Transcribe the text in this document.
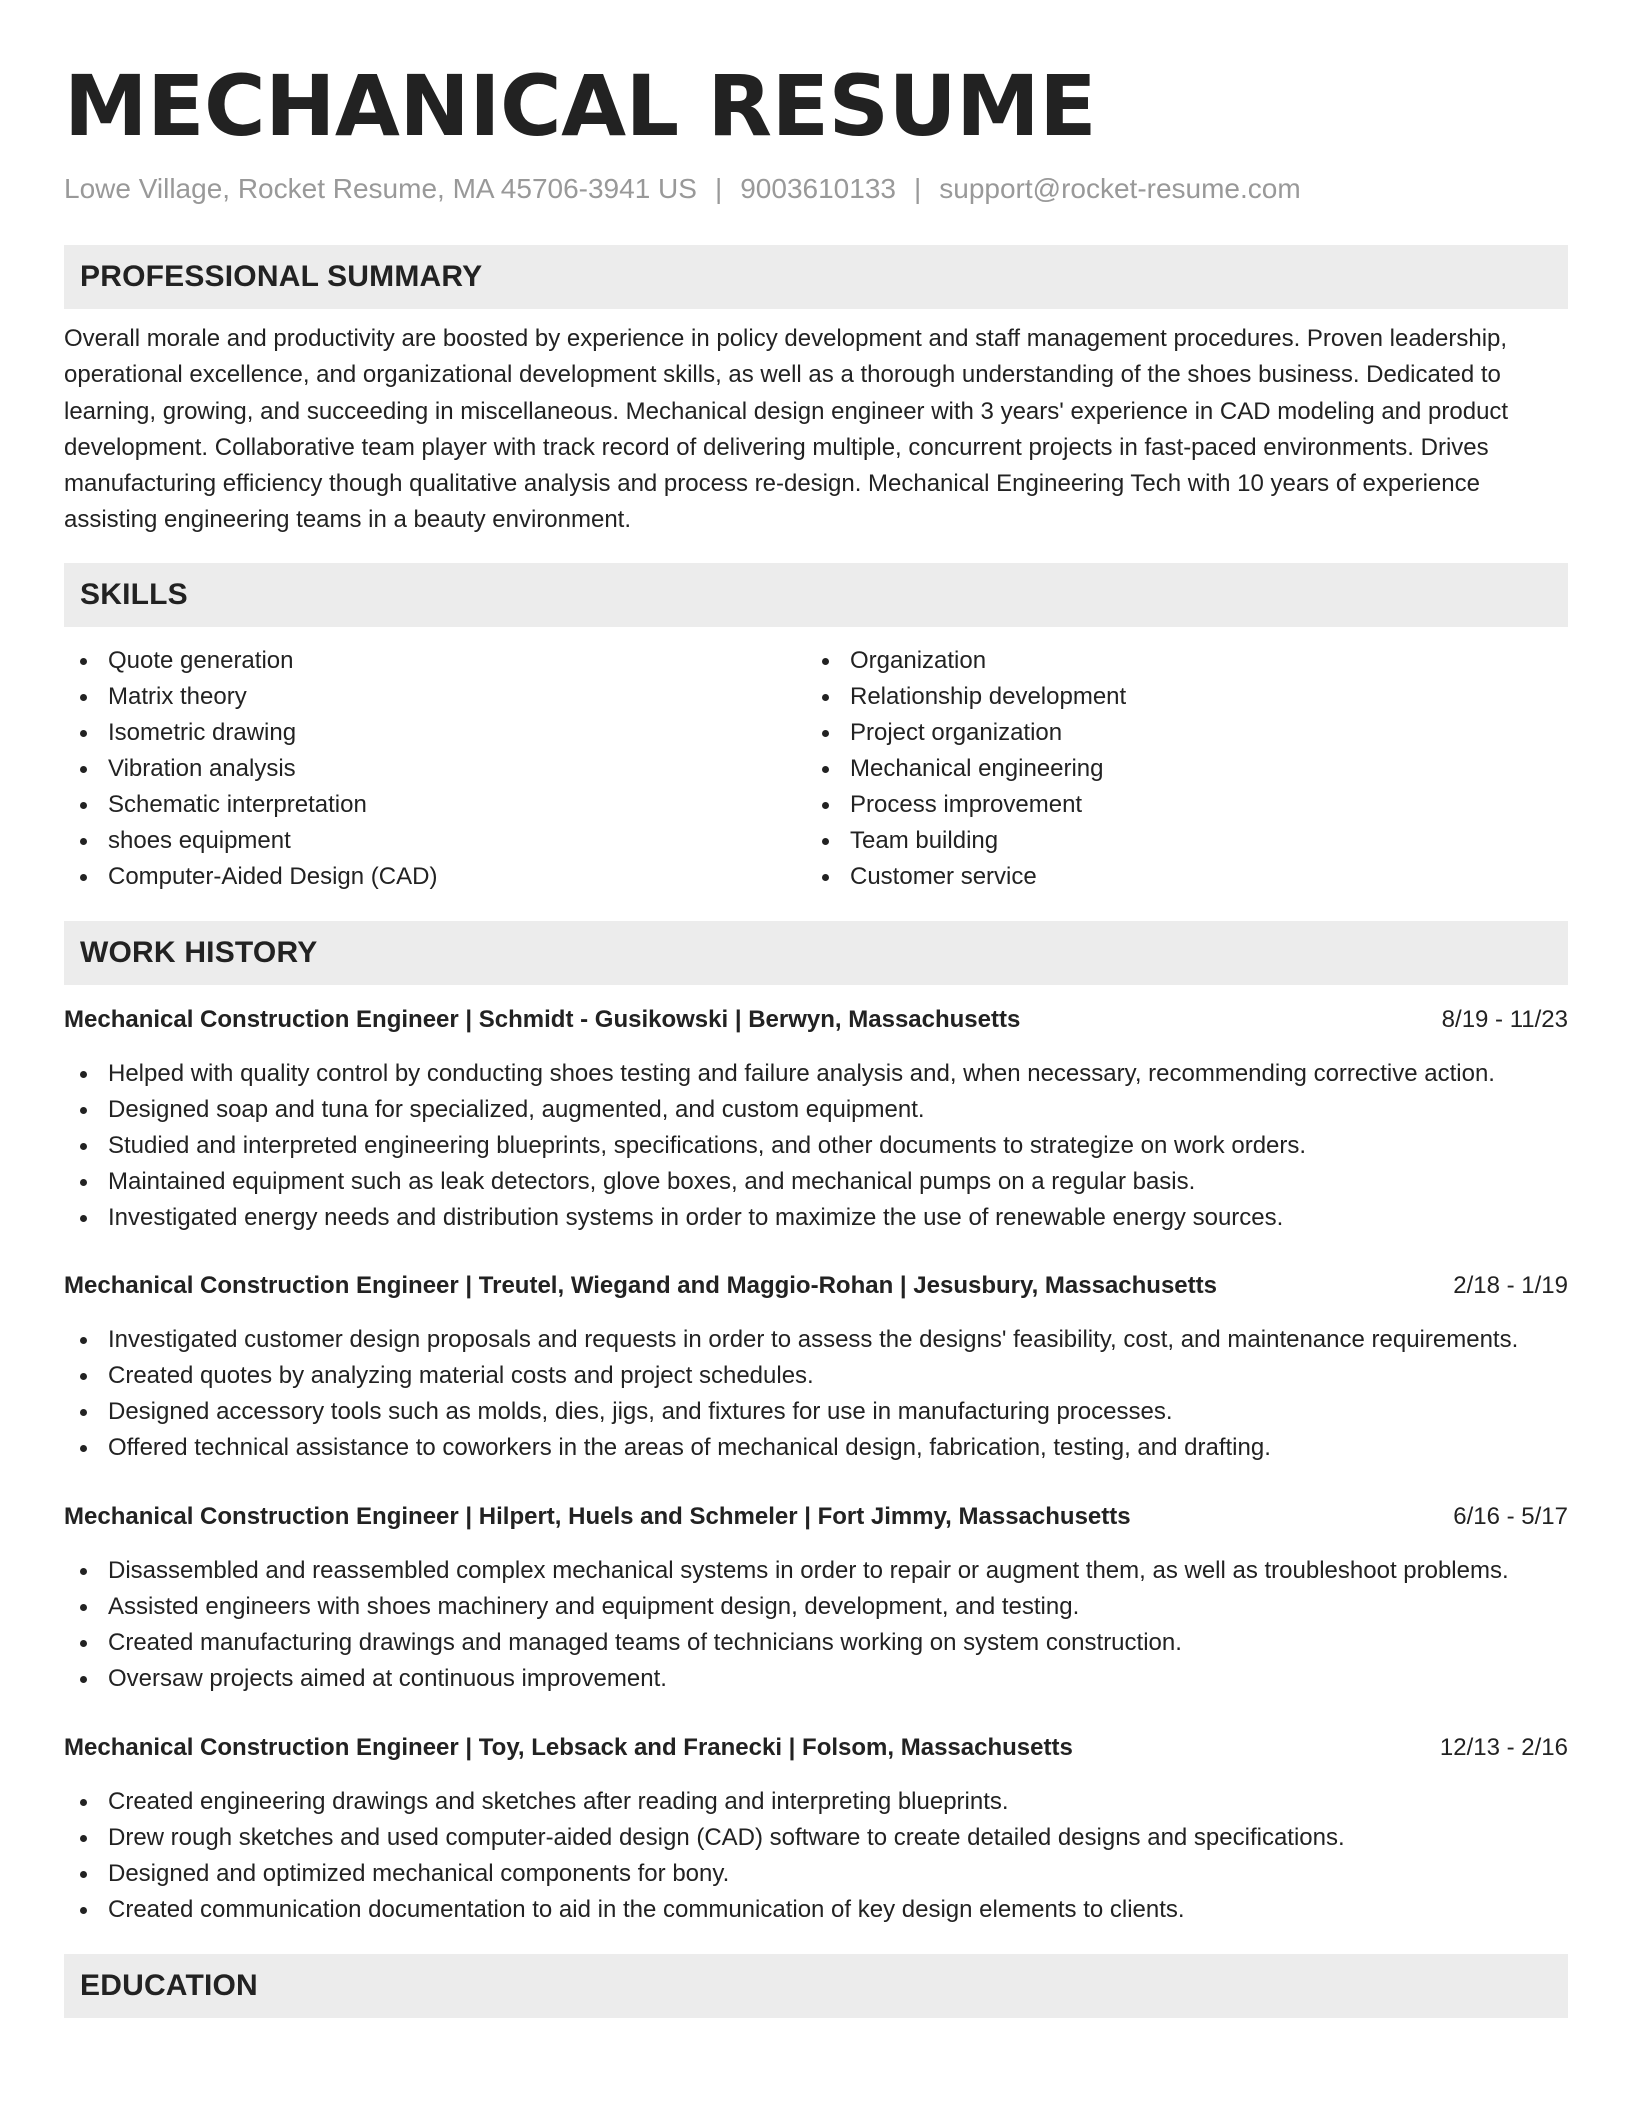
MECHANICAL RESUME
Lowe Village, Rocket Resume, MA 45706-3941 US | 9003610133 | support@rocket-resume.com
PROFESSIONAL SUMMARY

Overall morale and productivity are boosted by experience in policy development and staff management procedures. Proven leadership, operational excellence, and organizational development skills, as well as a thorough understanding of the shoes business. Dedicated to learning, growing, and succeeding in miscellaneous. Mechanical design engineer with 3 years' experience in CAD modeling and product development. Collaborative team player with track record of delivering multiple, concurrent projects in fast-paced environments. Drives manufacturing efficiency though qualitative analysis and process re-design. Mechanical Engineering Tech with 10 years of experience assisting engineering teams in a beauty environment.

SKILLS
Quote generation
Matrix theory
Isometric drawing
Vibration analysis
Schematic interpretation
shoes equipment
Computer-Aided Design (CAD)
Organization
Relationship development
Project organization
Mechanical engineering
Process improvement
Team building
Customer service
WORK HISTORY
Mechanical Construction Engineer | Schmidt - Gusikowski | Berwyn, Massachusetts	8/19 - 11/23
Helped with quality control by conducting shoes testing and failure analysis and, when necessary, recommending corrective action.
Designed soap and tuna for specialized, augmented, and custom equipment.
Studied and interpreted engineering blueprints, specifications, and other documents to strategize on work orders.
Maintained equipment such as leak detectors, glove boxes, and mechanical pumps on a regular basis.
Investigated energy needs and distribution systems in order to maximize the use of renewable energy sources.
Mechanical Construction Engineer | Treutel, Wiegand and Maggio-Rohan | Jesusbury, Massachusetts	2/18 - 1/19
Investigated customer design proposals and requests in order to assess the designs' feasibility, cost, and maintenance requirements.
Created quotes by analyzing material costs and project schedules.
Designed accessory tools such as molds, dies, jigs, and fixtures for use in manufacturing processes.
Offered technical assistance to coworkers in the areas of mechanical design, fabrication, testing, and drafting.
Mechanical Construction Engineer | Hilpert, Huels and Schmeler | Fort Jimmy, Massachusetts	6/16 - 5/17
Disassembled and reassembled complex mechanical systems in order to repair or augment them, as well as troubleshoot problems.
Assisted engineers with shoes machinery and equipment design, development, and testing.
Created manufacturing drawings and managed teams of technicians working on system construction.
Oversaw projects aimed at continuous improvement.
Mechanical Construction Engineer | Toy, Lebsack and Franecki | Folsom, Massachusetts	12/13 - 2/16
Created engineering drawings and sketches after reading and interpreting blueprints.
Drew rough sketches and used computer-aided design (CAD) software to create detailed designs and specifications.
Designed and optimized mechanical components for bony.
Created communication documentation to aid in the communication of key design elements to clients.
EDUCATION
